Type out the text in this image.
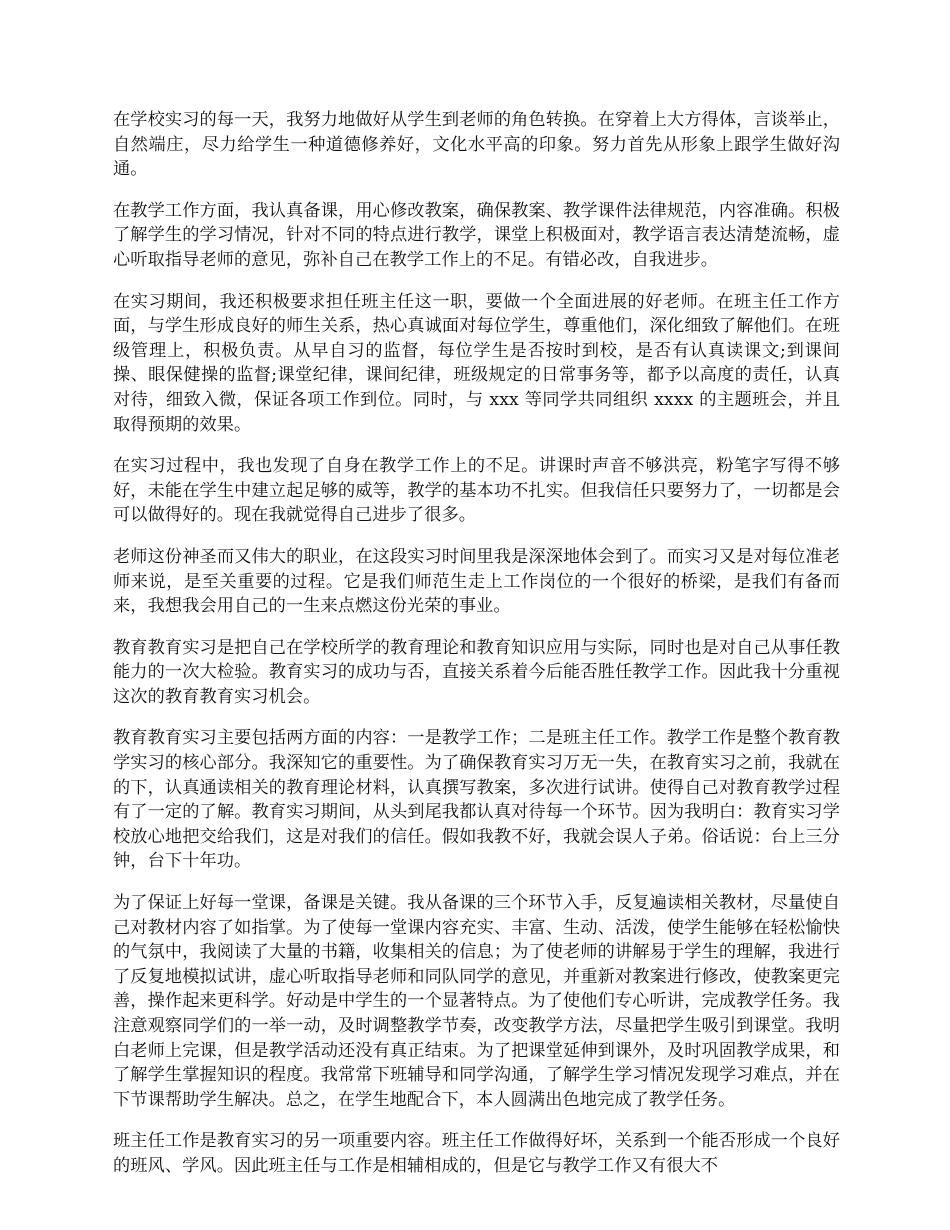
在学校实习的每一天，我努力地做好从学生到老师的角色转换。在穿着上大方得体，言谈举止，自然端庄，尽力给学生一种道德修养好，文化水平高的印象。努力首先从形象上跟学生做好沟通。

在教学工作方面，我认真备课，用心修改教案，确保教案、教学课件法律规范，内容准确。积极了解学生的学习情况，针对不同的特点进行教学，课堂上积极面对，教学语言表达清楚流畅，虚心听取指导老师的意见，弥补自己在教学工作上的不足。有错必改，自我进步。

在实习期间，我还积极要求担任班主任这一职，要做一个全面进展的好老师。在班主任工作方面，与学生形成良好的师生关系，热心真诚面对每位学生，尊重他们，深化细致了解他们。在班级管理上，积极负责。从早自习的监督，每位学生是否按时到校，是否有认真读课文;到课间操、眼保健操的监督;课堂纪律，课间纪律，班级规定的日常事务等，都予以高度的责任，认真对待，细致入微，保证各项工作到位。同时，与 xxx 等同学共同组织 xxxx 的主题班会，并且取得预期的效果。

在实习过程中，我也发现了自身在教学工作上的不足。讲课时声音不够洪亮，粉笔字写得不够好，未能在学生中建立起足够的威等，教学的基本功不扎实。但我信任只要努力了，一切都是会可以做得好的。现在我就觉得自己进步了很多。

老师这份神圣而又伟大的职业，在这段实习时间里我是深深地体会到了。而实习又是对每位准老师来说，是至关重要的过程。它是我们师范生走上工作岗位的一个很好的桥梁，是我们有备而来，我想我会用自己的一生来点燃这份光荣的事业。

教育教育实习是把自己在学校所学的教育理论和教育知识应用与实际，同时也是对自己从事任教能力的一次大检验。教育实习的成功与否，直接关系着今后能否胜任教学工作。因此我十分重视这次的教育教育实习机会。

教育教育实习主要包括两方面的内容：一是教学工作；二是班主任工作。教学工作是整个教育教学实习的核心部分。我深知它的重要性。为了确保教育实习万无一失，在教育实习之前，我就在的下，认真通读相关的教育理论材料，认真撰写教案，多次进行试讲。使得自己对教育教学过程有了一定的了解。教育实习期间，从头到尾我都认真对待每一个环节。因为我明白：教育实习学校放心地把交给我们，这是对我们的信任。假如我教不好，我就会误人子弟。俗话说：台上三分钟，台下十年功。

为了保证上好每一堂课，备课是关键。我从备课的三个环节入手，反复遍读相关教材，尽量使自己对教材内容了如指掌。为了使每一堂课内容充实、丰富、生动、活泼，使学生能够在轻松愉快的气氛中，我阅读了大量的书籍，收集相关的信息；为了使老师的讲解易于学生的理解，我进行了反复地模拟试讲，虚心听取指导老师和同队同学的意见，并重新对教案进行修改，使教案更完善，操作起来更科学。好动是中学生的一个显著特点。为了使他们专心听讲，完成教学任务。我注意观察同学们的一举一动，及时调整教学节奏，改变教学方法，尽量把学生吸引到课堂。我明白老师上完课，但是教学活动还没有真正结束。为了把课堂延伸到课外，及时巩固教学成果，和了解学生掌握知识的程度。我常常下班辅导和同学沟通，了解学生学习情况发现学习难点，并在下节课帮助学生解决。总之，在学生地配合下，本人圆满出色地完成了教学任务。

班主任工作是教育实习的另一项重要内容。班主任工作做得好坏，关系到一个能否形成一个良好的班风、学风。因此班主任与工作是相辅相成的，但是它与教学工作又有很大不
